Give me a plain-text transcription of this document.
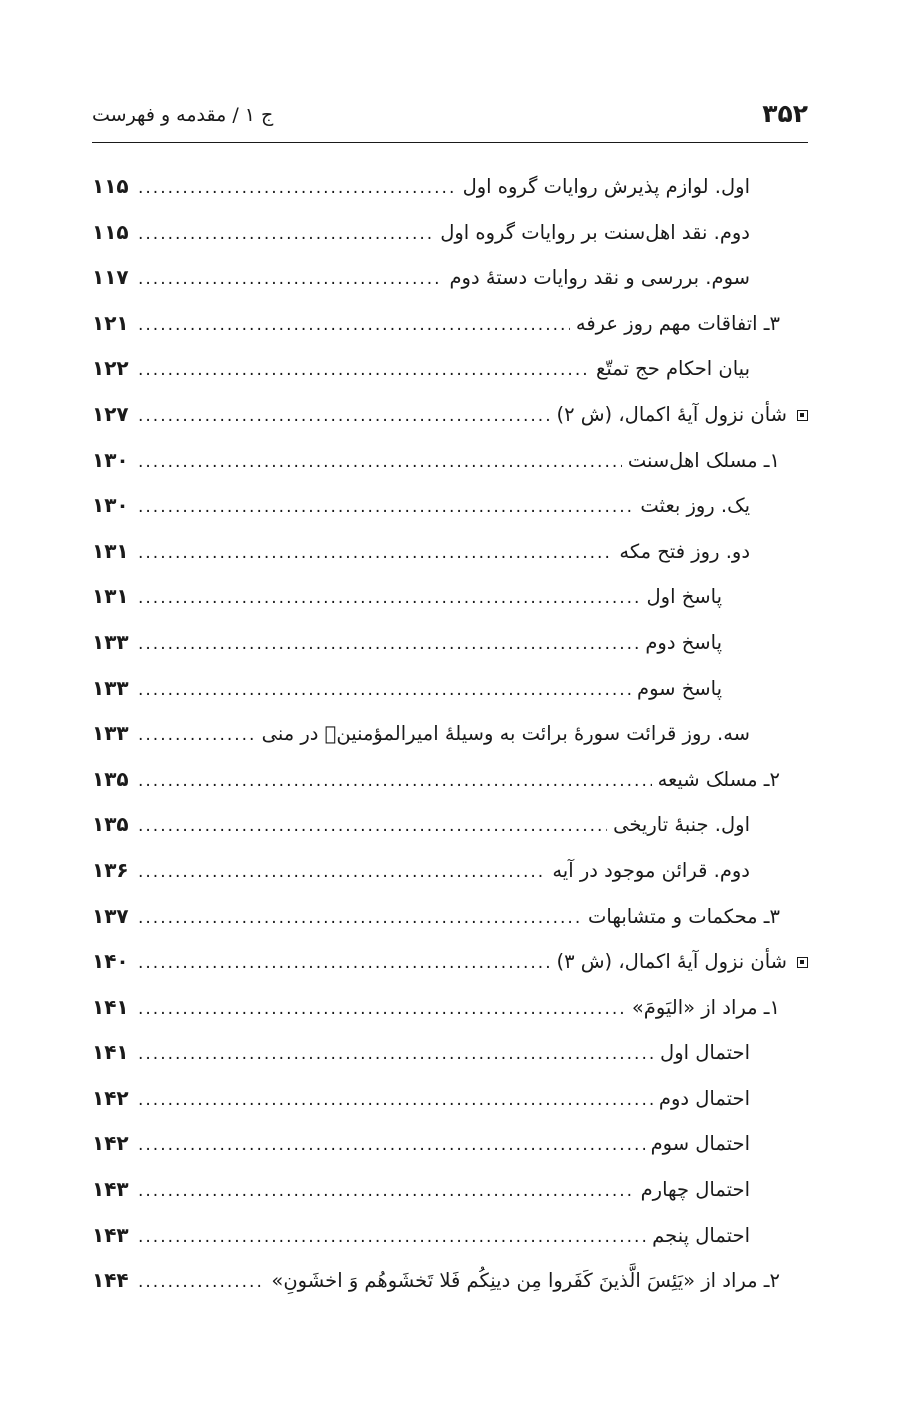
۳۵۲
ج ۱ / مقدمه و فهرست
اول. لوازم پذیرش روایات گروه اول
.....
۱۱۵
دوم. نقد اهل‌سنت بر روایات گروه اول
.....
۱۱۵
سوم. بررسی و نقد روایات دستهٔ دوم
.....
۱۱۷
۳ـ اتفاقات مهم روز عرفه
.....
۱۲۱
بیان احکام حج تمتّع
.....
۱۲۲
شأن نزول آیهٔ اکمال، (ش ۲)
.....
۱۲۷
۱ـ مسلک اهل‌سنت
.....
۱۳۰
یک. روز بعثت
.....
۱۳۰
دو. روز فتح مکه
.....
۱۳۱
پاسخ اول
.....
۱۳۱
پاسخ دوم
.....
۱۳۳
پاسخ سوم
.....
۱۳۳
سه. روز قرائت سورهٔ برائت به وسیلهٔ امیرالمؤمنینؐ در منی
.....
۱۳۳
۲ـ مسلک شیعه
.....
۱۳۵
اول. جنبهٔ تاریخی
.....
۱۳۵
دوم. قرائن موجود در آیه
.....
۱۳۶
۳ـ محکمات و متشابهات
.....
۱۳۷
شأن نزول آیهٔ اکمال، (ش ۳)
.....
۱۴۰
۱ـ مراد از «اليَومَ»
.....
۱۴۱
احتمال اول
.....
۱۴۱
احتمال دوم
.....
۱۴۲
احتمال سوم
.....
۱۴۲
احتمال چهارم
.....
۱۴۳
احتمال پنجم
.....
۱۴۳
۲ـ مراد از «يَئِسَ الَّذينَ كَفَروا مِن دينِكُم فَلا تَخشَوهُم وَ اخشَونِ»
.....
۱۴۴
